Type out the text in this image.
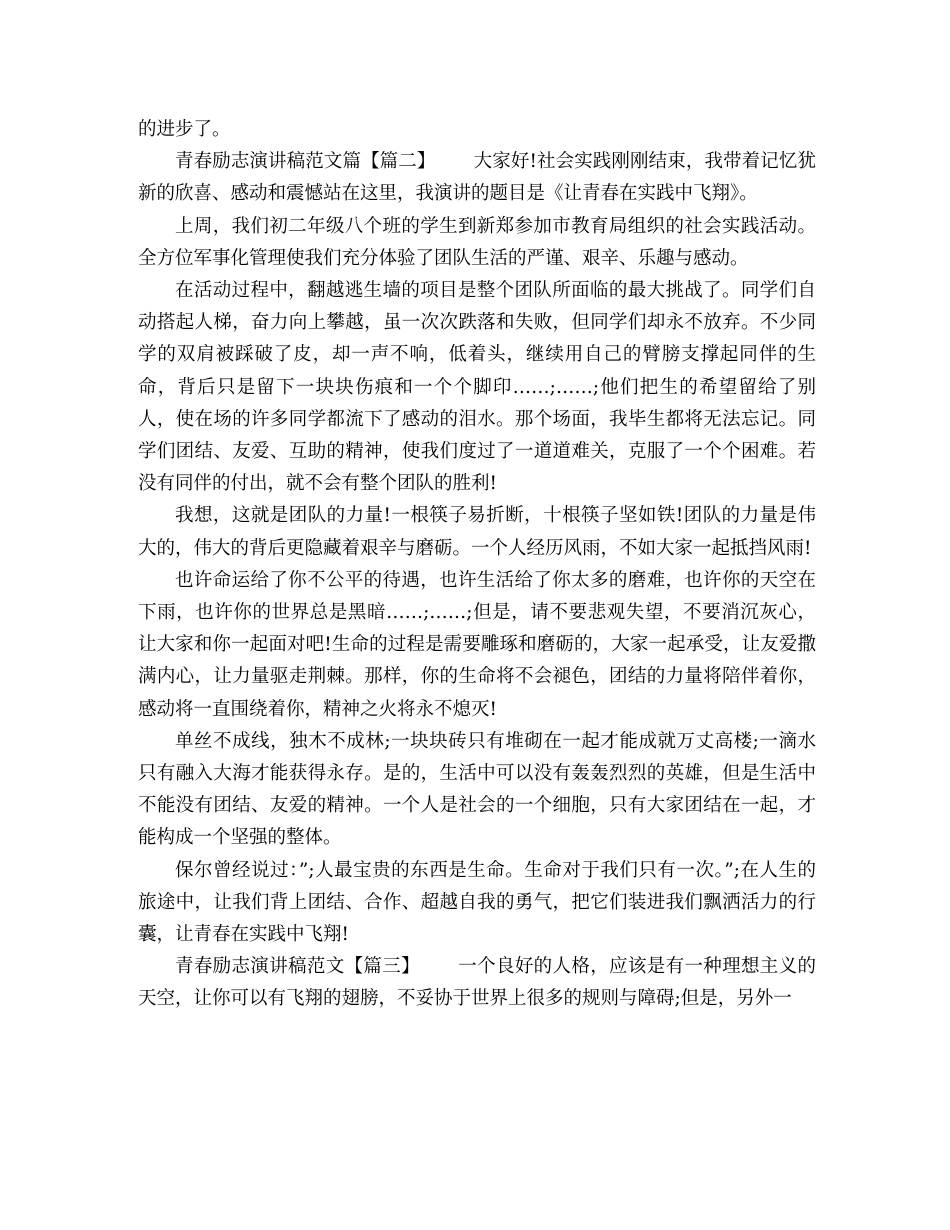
的进步了。

青春励志演讲稿范文篇【篇二】 大家好!社会实践刚刚结束，我带着记忆犹新的欣喜、感动和震憾站在这里，我演讲的题目是《让青春在实践中飞翔》。

上周，我们初二年级八个班的学生到新郑参加市教育局组织的社会实践活动。全方位军事化管理使我们充分体验了团队生活的严谨、艰辛、乐趣与感动。

在活动过程中，翻越逃生墙的项目是整个团队所面临的最大挑战了。同学们自动搭起人梯，奋力向上攀越，虽一次次跌落和失败，但同学们却永不放弃。不少同学的双肩被踩破了皮，却一声不响，低着头，继续用自己的臂膀支撑起同伴的生命，背后只是留下一块块伤痕和一个个脚印……;……;他们把生的希望留给了别人，使在场的许多同学都流下了感动的泪水。那个场面，我毕生都将无法忘记。同学们团结、友爱、互助的精神，使我们度过了一道道难关，克服了一个个困难。若没有同伴的付出，就不会有整个团队的胜利!

我想，这就是团队的力量!一根筷子易折断，十根筷子坚如铁!团队的力量是伟大的，伟大的背后更隐藏着艰辛与磨砺。一个人经历风雨，不如大家一起抵挡风雨!

也许命运给了你不公平的待遇，也许生活给了你太多的磨难，也许你的天空在下雨，也许你的世界总是黑暗……;……;但是，请不要悲观失望，不要消沉灰心，让大家和你一起面对吧!生命的过程是需要雕琢和磨砺的，大家一起承受，让友爱撒满内心，让力量驱走荆棘。那样，你的生命将不会褪色，团结的力量将陪伴着你，感动将一直围绕着你，精神之火将永不熄灭!

单丝不成线，独木不成林;一块块砖只有堆砌在一起才能成就万丈高楼;一滴水只有融入大海才能获得永存。是的，生活中可以没有轰轰烈烈的英雄，但是生活中不能没有团结、友爱的精神。一个人是社会的一个细胞，只有大家团结在一起，才能构成一个坚强的整体。

保尔曾经说过：”;人最宝贵的东西是生命。生命对于我们只有一次。”;在人生的旅途中，让我们背上团结、合作、超越自我的勇气，把它们装进我们飘洒活力的行囊，让青春在实践中飞翔!

青春励志演讲稿范文【篇三】 一个良好的人格，应该是有一种理想主义的天空，让你可以有飞翔的翅膀，不妥协于世界上很多的规则与障碍;但是，另外一
